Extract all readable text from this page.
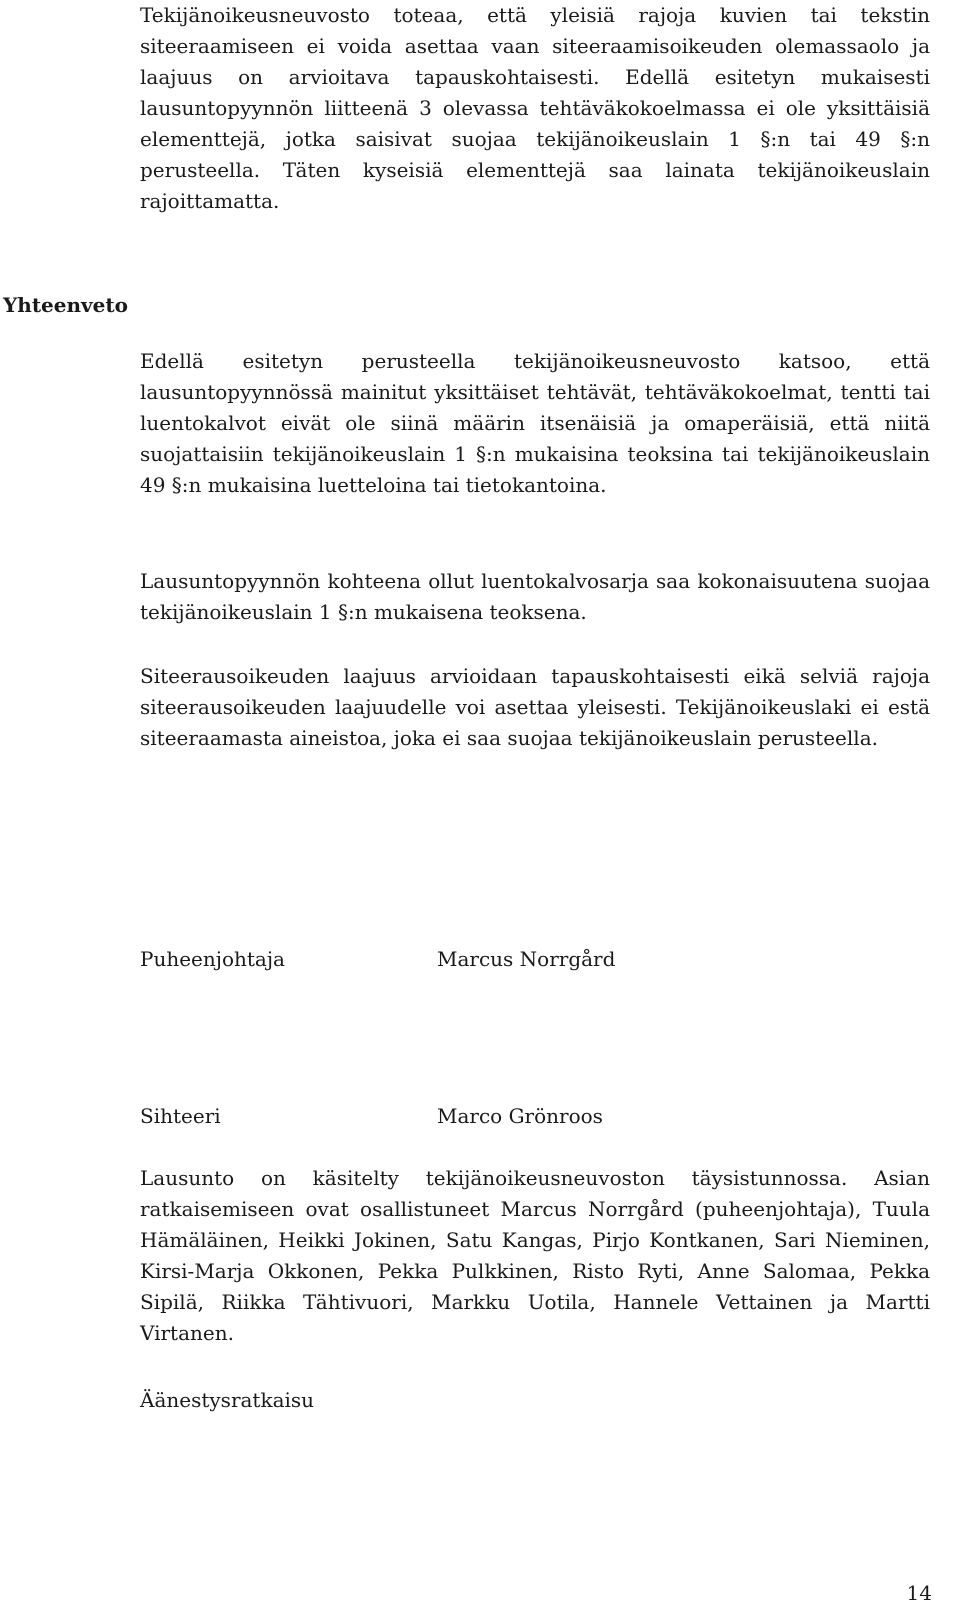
Tekijänoikeusneuvosto toteaa, että yleisiä rajoja kuvien tai tekstin siteeraamiseen ei voida asettaa vaan siteeraamisoikeuden olemassaolo ja laajuus on arvioitava tapauskohtaisesti. Edellä esitetyn mukaisesti lausuntopyynnön liitteenä 3 olevassa tehtäväkokoelmassa ei ole yksittäisiä elementtejä, jotka saisivat suojaa tekijänoikeuslain 1 §:n tai 49 §:n perusteella. Täten kyseisiä elementtejä saa lainata tekijänoikeuslain rajoittamatta.

Yhteenveto

Edellä esitetyn perusteella tekijänoikeusneuvosto katsoo, että lausuntopyynnössä mainitut yksittäiset tehtävät, tehtäväkokoelmat, tentti tai luentokalvot eivät ole siinä määrin itsenäisiä ja omaperäisiä, että niitä suojattaisiin tekijänoikeuslain 1 §:n mukaisina teoksina tai tekijänoikeuslain 49 §:n mukaisina luetteloina tai tietokantoina.

Lausuntopyynnön kohteena ollut luentokalvosarja saa kokonaisuutena suojaa tekijänoikeuslain 1 §:n mukaisena teoksena.

Siteerausoikeuden laajuus arvioidaan tapauskohtaisesti eikä selviä rajoja siteerausoikeuden laajuudelle voi asettaa yleisesti. Tekijänoikeuslaki ei estä siteeraamasta aineistoa, joka ei saa suojaa tekijänoikeuslain perusteella.

Puheenjohtaja	Marcus Norrgård
Sihteeri	Marco Grönroos

Lausunto on käsitelty tekijänoikeusneuvoston täysistunnossa. Asian ratkaisemiseen ovat osallistuneet Marcus Norrgård (puheenjohtaja), Tuula Hämäläinen, Heikki Jokinen, Satu Kangas, Pirjo Kontkanen, Sari Nieminen, Kirsi-Marja Okkonen, Pekka Pulkkinen, Risto Ryti, Anne Salomaa, Pekka Sipilä, Riikka Tähtivuori, Markku Uotila, Hannele Vettainen ja Martti Virtanen.

Äänestysratkaisu
14
